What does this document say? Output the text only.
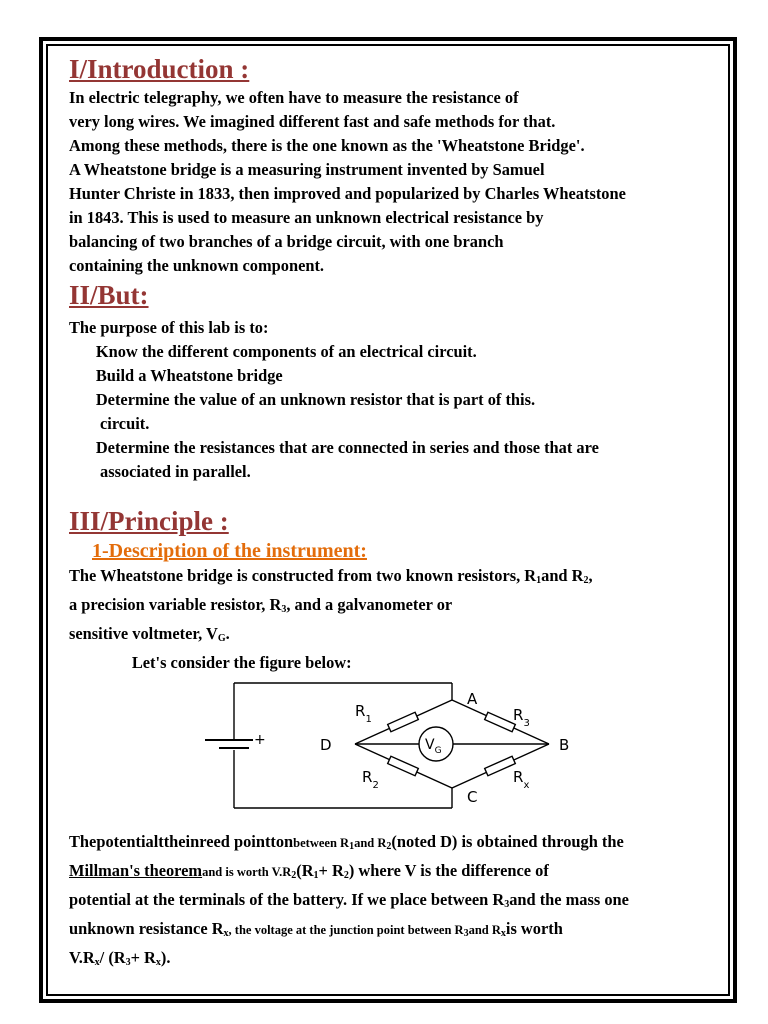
I/Introduction :

In electric telegraphy, we often have to measure the resistance of

very long wires. We imagined different fast and safe methods for that.

Among these methods, there is the one known as the 'Wheatstone Bridge'.

A Wheatstone bridge is a measuring instrument invented by Samuel

Hunter Christe in 1833, then improved and popularized by Charles Wheatstone

in 1843. This is used to measure an unknown electrical resistance by

balancing of two branches of a bridge circuit, with one branch

containing the unknown component.

II/But:

The purpose of this lab is to:

Know the different components of an electrical circuit.

Build a Wheatstone bridge

Determine the value of an unknown resistor that is part of this.

circuit.

Determine the resistances that are connected in series and those that are

associated in parallel.

III/Principle :
1-Description of the instrument:

The Wheatstone bridge is constructed from two known resistors, $R_1and$ $R_2$,

a precision variable resistor, $R_3$, and a galvanometer or

sensitive voltmeter, $V_G$.

Let's consider the figure below:

+
A
B
C
D
$R_1$	$R_3$
$R_2$	$R_x$
$V_G$

Thepotentialttheinreed pointtonbetween $R_1and$ $R_2(noted$ D) is obtained through the

Millman's theoremand is worth $V.R_2(R_1+ R_2)$ where V is the difference of

potential at the terminals of the battery. If we place between $R_3and$ the mass one

unknown resistance $R_x$, the voltage at the junction point between $R_3and$ $R_xis$ worth

$V.R_x/$ $(R_3+ R_x)$.
